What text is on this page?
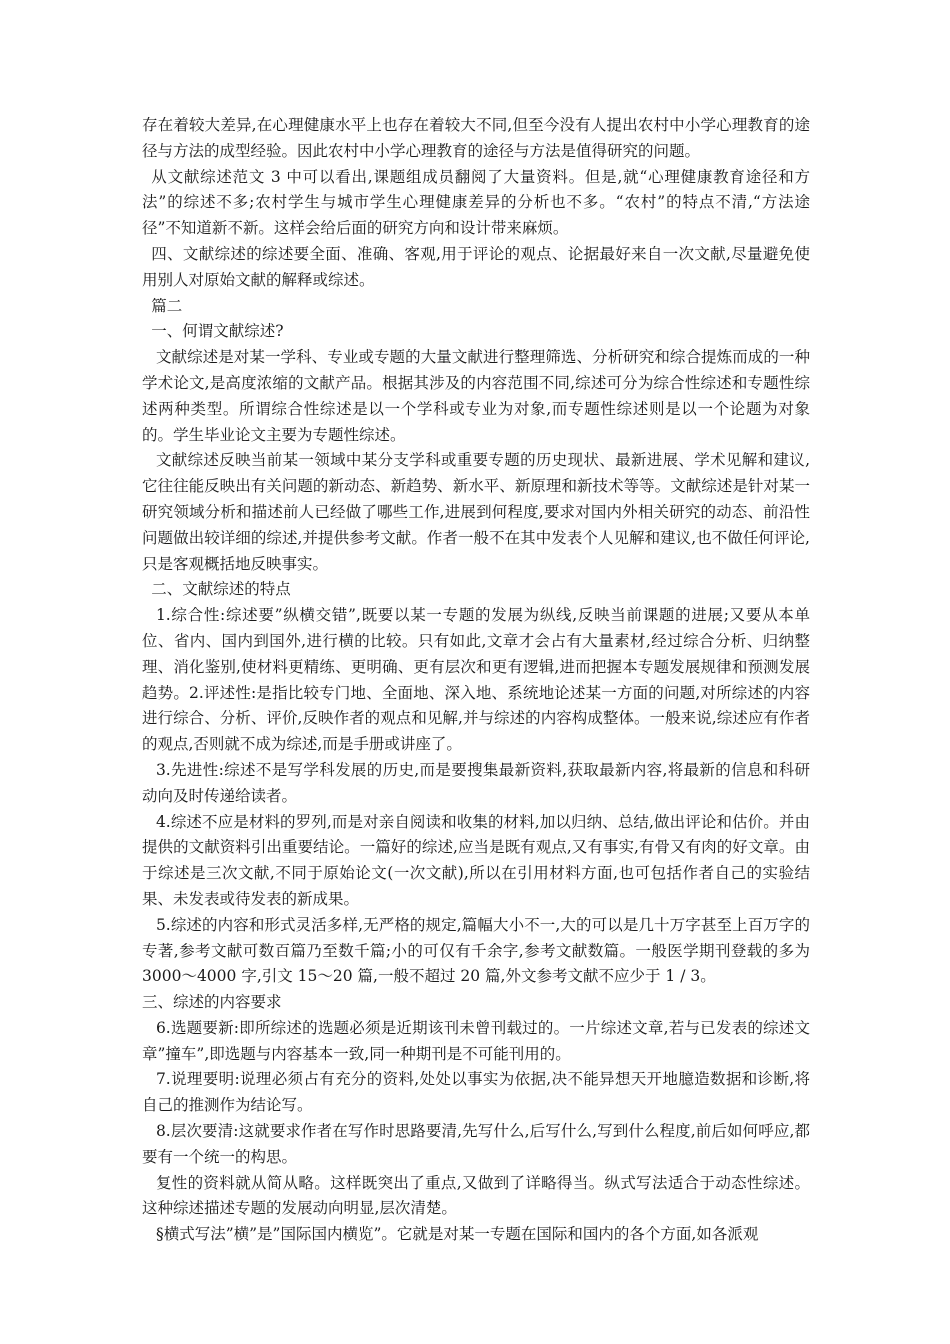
存在着较大差异,在心理健康水平上也存在着较大不同,但至今没有人提出农村中小学心理教育的途径与方法的成型经验。因此农村中小学心理教育的途径与方法是值得研究的问题。

从文献综述范文 3 中可以看出,课题组成员翻阅了大量资料。但是,就“心理健康教育途径和方法”的综述不多;农村学生与城市学生心理健康差异的分析也不多。“农村”的特点不清,“方法途径”不知道新不新。这样会给后面的研究方向和设计带来麻烦。

四、文献综述的综述要全面、准确、客观,用于评论的观点、论据最好来自一次文献,尽量避免使用别人对原始文献的解释或综述。

篇二

一、何谓文献综述?

文献综述是对某一学科、专业或专题的大量文献进行整理筛选、分析研究和综合提炼而成的一种学术论文,是高度浓缩的文献产品。根据其涉及的内容范围不同,综述可分为综合性综述和专题性综述两种类型。所谓综合性综述是以一个学科或专业为对象,而专题性综述则是以一个论题为对象的。学生毕业论文主要为专题性综述。

文献综述反映当前某一领域中某分支学科或重要专题的历史现状、最新进展、学术见解和建议,它往往能反映出有关问题的新动态、新趋势、新水平、新原理和新技术等等。文献综述是针对某一研究领域分析和描述前人已经做了哪些工作,进展到何程度,要求对国内外相关研究的动态、前沿性问题做出较详细的综述,并提供参考文献。作者一般不在其中发表个人见解和建议,也不做任何评论,只是客观概括地反映事实。

二、文献综述的特点

1.综合性:综述要”纵横交错”,既要以某一专题的发展为纵线,反映当前课题的进展;又要从本单位、省内、国内到国外,进行横的比较。只有如此,文章才会占有大量素材,经过综合分析、归纳整理、消化鉴别,使材料更精练、更明确、更有层次和更有逻辑,进而把握本专题发展规律和预测发展趋势。2.评述性:是指比较专门地、全面地、深入地、系统地论述某一方面的问题,对所综述的内容进行综合、分析、评价,反映作者的观点和见解,并与综述的内容构成整体。一般来说,综述应有作者的观点,否则就不成为综述,而是手册或讲座了。

3.先进性:综述不是写学科发展的历史,而是要搜集最新资料,获取最新内容,将最新的信息和科研动向及时传递给读者。

4.综述不应是材料的罗列,而是对亲自阅读和收集的材料,加以归纳、总结,做出评论和估价。并由提供的文献资料引出重要结论。一篇好的综述,应当是既有观点,又有事实,有骨又有肉的好文章。由于综述是三次文献,不同于原始论文(一次文献),所以在引用材料方面,也可包括作者自己的实验结果、未发表或待发表的新成果。

5.综述的内容和形式灵活多样,无严格的规定,篇幅大小不一,大的可以是几十万字甚至上百万字的专著,参考文献可数百篇乃至数千篇;小的可仅有千余字,参考文献数篇。一般医学期刊登载的多为 3000～4000 字,引文 15～20 篇,一般不超过 20 篇,外文参考文献不应少于 1 / 3。

三、综述的内容要求

6.选题要新:即所综述的选题必须是近期该刊未曾刊载过的。一片综述文章,若与已发表的综述文章”撞车”,即选题与内容基本一致,同一种期刊是不可能刊用的。

7.说理要明:说理必须占有充分的资料,处处以事实为依据,决不能异想天开地臆造数据和诊断,将自己的推测作为结论写。

8.层次要清:这就要求作者在写作时思路要清,先写什么,后写什么,写到什么程度,前后如何呼应,都要有一个统一的构思。

复性的资料就从简从略。这样既突出了重点,又做到了详略得当。纵式写法适合于动态性综述。这种综述描述专题的发展动向明显,层次清楚。

§横式写法”横”是”国际国内横览”。它就是对某一专题在国际和国内的各个方面,如各派观
